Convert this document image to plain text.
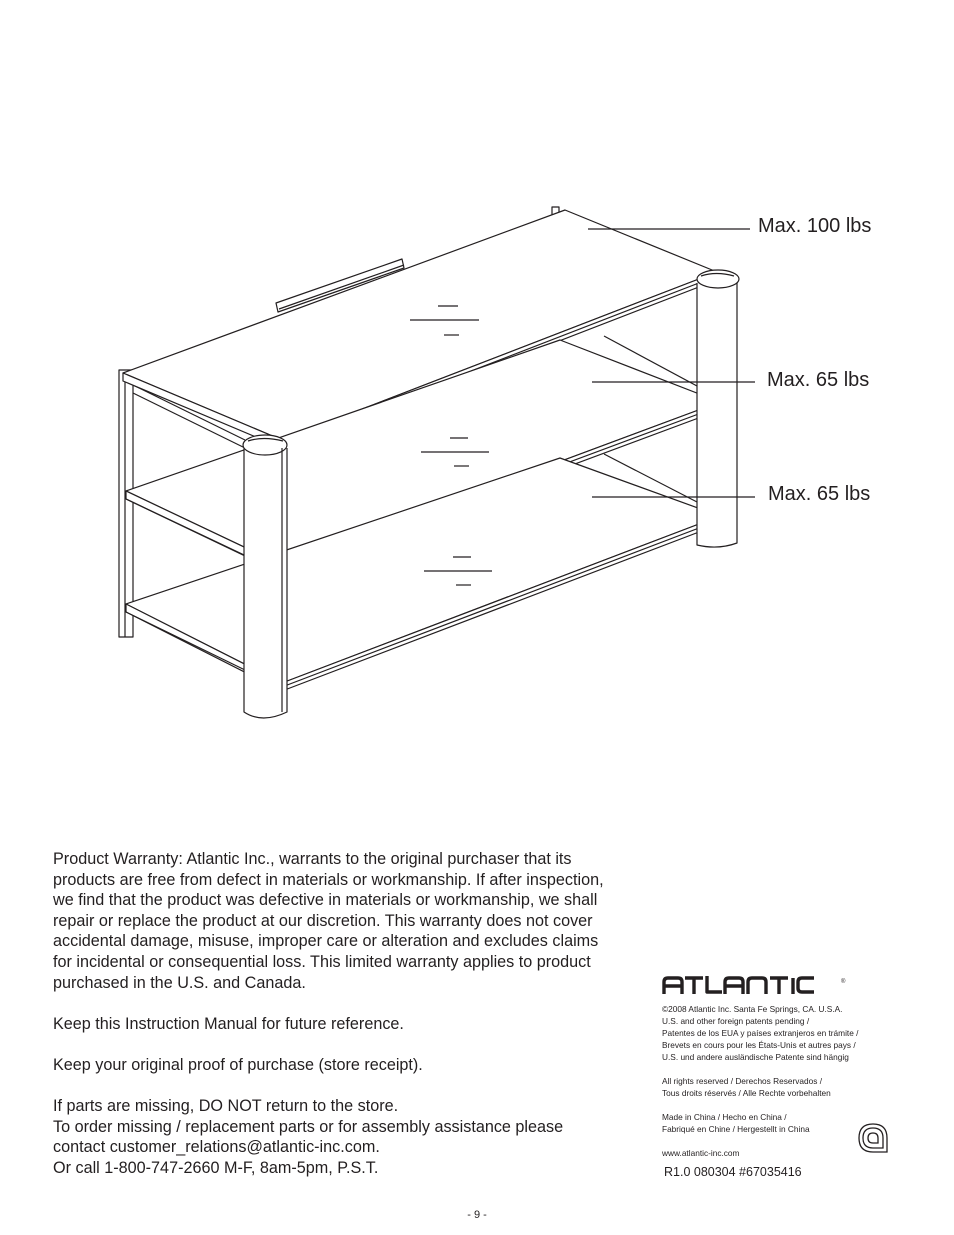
Max. 100 lbs
Max. 65 lbs
Max. 65 lbs

Product Warranty: Atlantic Inc., warrants to the original purchaser that its

products are free from defect in materials or workmanship. If after inspection,

we find that the product was defective in materials or workmanship, we shall

repair or replace the product at our discretion. This warranty does not cover

accidental damage, misuse, improper care or alteration and excludes claims

for incidental or consequential loss. This limited warranty applies to product

purchased in the U.S. and Canada.

Keep this Instruction Manual for future reference.

Keep your original proof of purchase (store receipt).

If parts are missing, DO NOT return to the store.

To order missing / replacement parts or for assembly assistance please

contact customer_relations@atlantic-inc.com.

Or call 1-800-747-2660 M-F, 8am-5pm, P.S.T.

®
©2008 Atlantic Inc. Santa Fe Springs, CA. U.S.A.
U.S. and other foreign patents pending /
Patentes de los EUA y países extranjeros en trámite /
Brevets en cours pour les États-Unis et autres pays /
U.S. und andere ausländische Patente sind hängig
All rights reserved / Derechos Reservados /
Tous droits réservés / Alle Rechte vorbehalten
Made in China / Hecho en China /
Fabriqué en Chine / Hergestellt in China
www.atlantic-inc.com
R1.0 080304 #67035416
- 9 -
